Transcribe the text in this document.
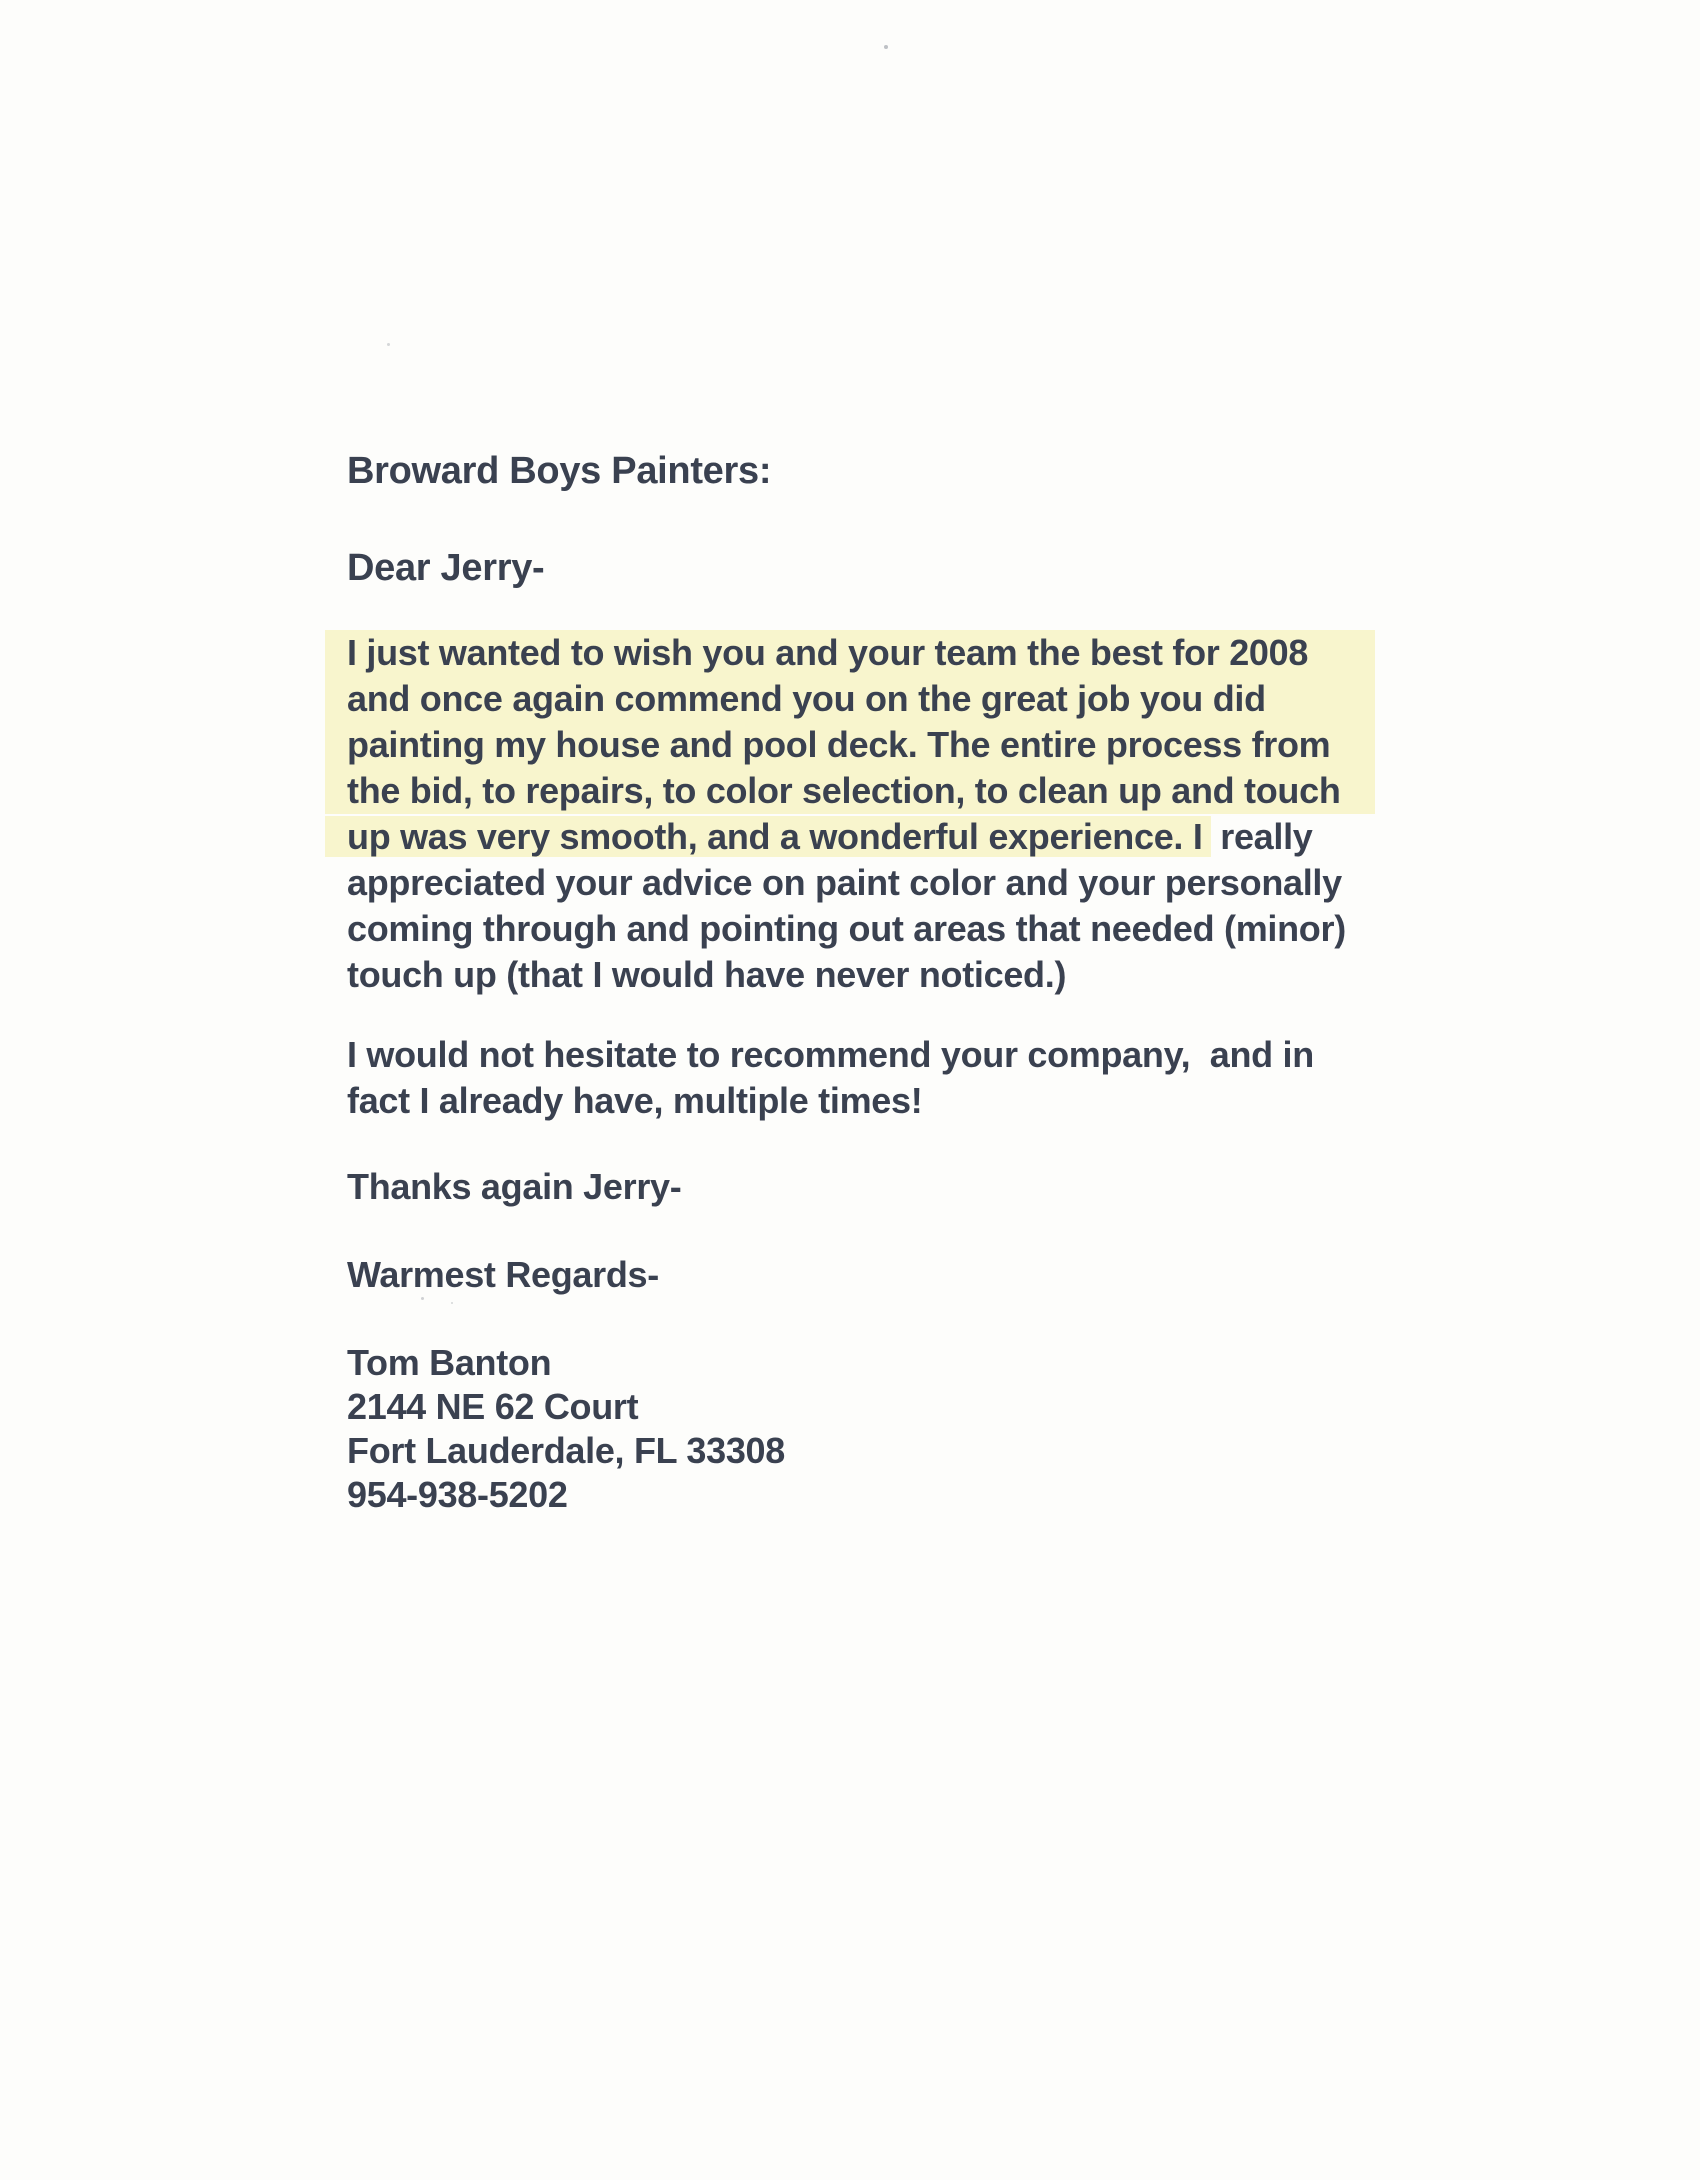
Broward Boys Painters:
Dear Jerry-
I just wanted to wish you and your team the best for 2008
and once again commend you on the great job you did
painting my house and pool deck. The entire process from
the bid, to repairs, to color selection, to clean up and touch
up was very smooth, and a wonderful experience. I really
appreciated your advice on paint color and your personally
coming through and pointing out areas that needed (minor)
touch up (that I would have never noticed.)
I would not hesitate to recommend your company,  and in
fact I already have, multiple times!
Thanks again Jerry-
Warmest Regards-
Tom Banton
2144 NE 62 Court
Fort Lauderdale, FL 33308
954-938-5202
